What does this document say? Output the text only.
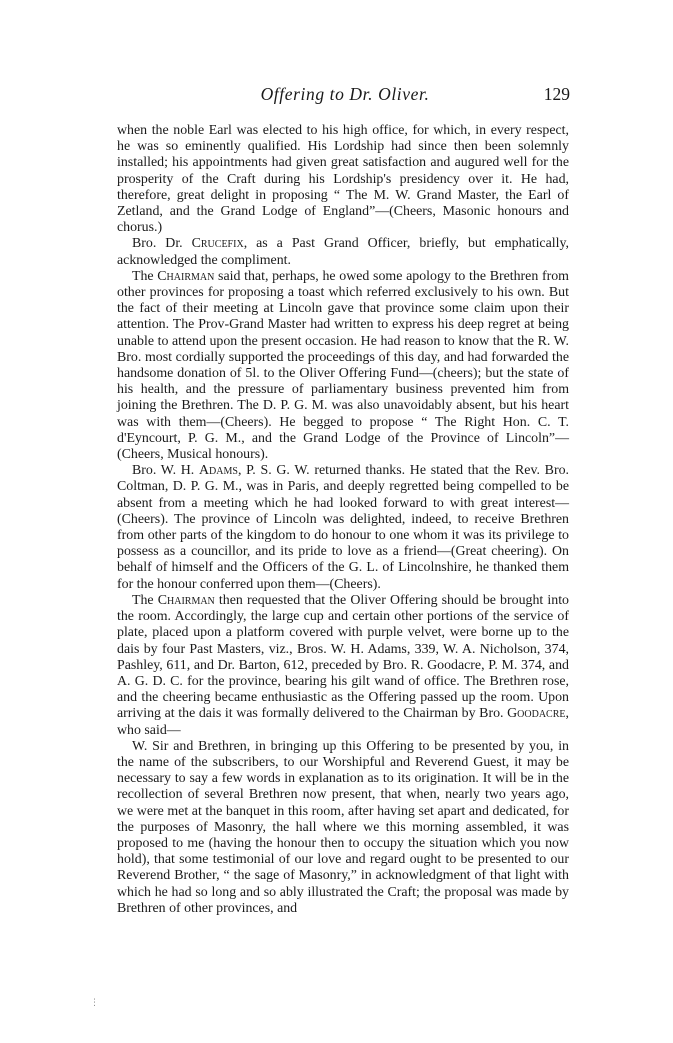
Offering to Dr. Oliver.	129

when the noble Earl was elected to his high office, for which, in every respect, he was so eminently qualified. His Lordship had since then been solemnly installed; his appointments had given great satisfaction and augured well for the prosperity of the Craft during his Lordship's presidency over it. He had, therefore, great delight in proposing “ The M. W. Grand Master, the Earl of Zetland, and the Grand Lodge of England”—(Cheers, Masonic honours and chorus.)

Bro. Dr. Crucefix, as a Past Grand Officer, briefly, but emphatically, acknowledged the compliment.

The Chairman said that, perhaps, he owed some apology to the Brethren from other provinces for proposing a toast which referred exclusively to his own. But the fact of their meeting at Lincoln gave that province some claim upon their attention. The Prov-Grand Master had written to express his deep regret at being unable to attend upon the present occasion. He had reason to know that the R. W. Bro. most cordially supported the proceedings of this day, and had forwarded the handsome donation of 5l. to the Oliver Offering Fund—(cheers); but the state of his health, and the pressure of parliamentary business prevented him from joining the Brethren. The D. P. G. M. was also unavoidably absent, but his heart was with them—(Cheers). He begged to propose “ The Right Hon. C. T. d'Eyncourt, P. G. M., and the Grand Lodge of the Province of Lincoln”—(Cheers, Musical honours).

Bro. W. H. Adams, P. S. G. W. returned thanks. He stated that the Rev. Bro. Coltman, D. P. G. M., was in Paris, and deeply regretted being compelled to be absent from a meeting which he had looked forward to with great interest—(Cheers). The province of Lincoln was delighted, indeed, to receive Brethren from other parts of the kingdom to do honour to one whom it was its privilege to possess as a councillor, and its pride to love as a friend—(Great cheering). On behalf of himself and the Officers of the G. L. of Lincolnshire, he thanked them for the honour conferred upon them—(Cheers).

The Chairman then requested that the Oliver Offering should be brought into the room. Accordingly, the large cup and certain other portions of the service of plate, placed upon a platform covered with purple velvet, were borne up to the dais by four Past Masters, viz., Bros. W. H. Adams, 339, W. A. Nicholson, 374, Pashley, 611, and Dr. Barton, 612, preceded by Bro. R. Goodacre, P. M. 374, and A. G. D. C. for the province, bearing his gilt wand of office. The Brethren rose, and the cheering became enthusiastic as the Offering passed up the room. Upon arriving at the dais it was formally delivered to the Chairman by Bro. Goodacre, who said—

W. Sir and Brethren, in bringing up this Offering to be presented by you, in the name of the subscribers, to our Worshipful and Reverend Guest, it may be necessary to say a few words in explanation as to its origination. It will be in the recollection of several Brethren now present, that when, nearly two years ago, we were met at the banquet in this room, after having set apart and dedicated, for the purposes of Masonry, the hall where we this morning assembled, it was proposed to me (having the honour then to occupy the situation which you now hold), that some testimonial of our love and regard ought to be presented to our Reverend Brother, “ the sage of Masonry,” in acknowledgment of that light with which he had so long and so ably illustrated the Craft; the proposal was made by Brethren of other provinces, and

⋮
